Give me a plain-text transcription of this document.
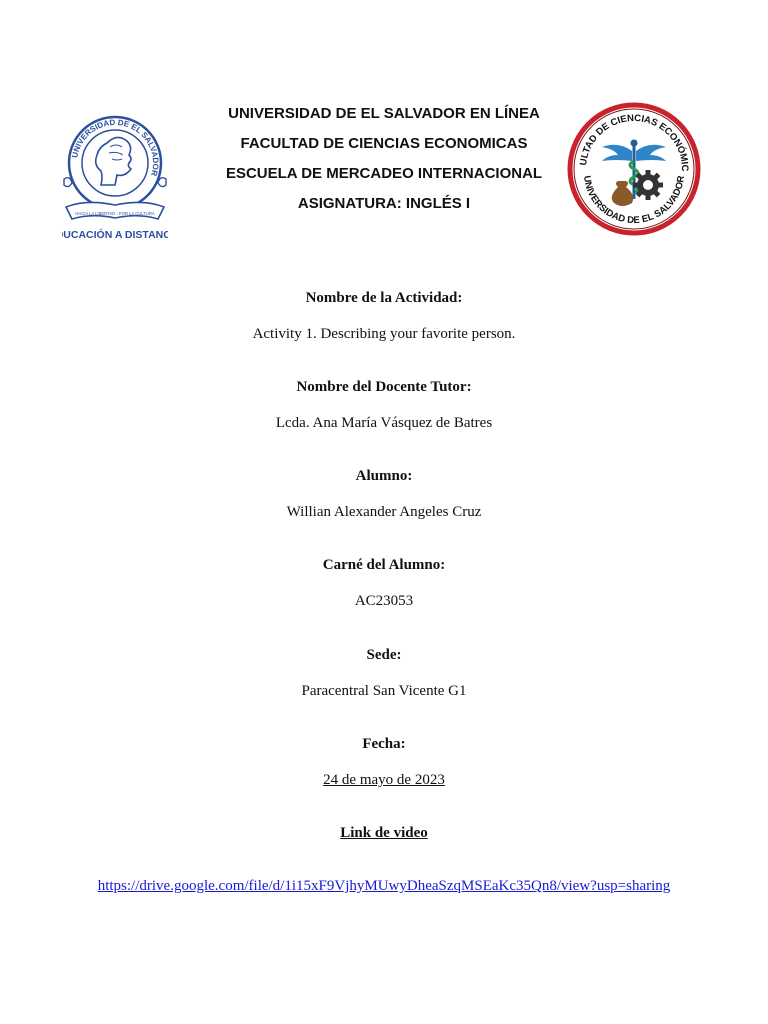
UNIVERSIDAD DE EL SALVADOR
HACIA LA LIBERTAD · POR LA CULTURA
UCACIÓN A DISTANC
UNIVERSIDAD DE EL SALVADOR EN LÍNEA
FACULTAD DE CIENCIAS ECONOMICAS
ESCUELA DE MERCADEO INTERNACIONAL
ASIGNATURA: INGLÉS I
ULTAD DE CIENCIAS ECONÓMIC
UNIVERSIDAD DE EL SALVADOR
Nombre de la Actividad:
Activity 1. Describing your favorite person.
Nombre del Docente Tutor:
Lcda. Ana María Vásquez de Batres
Alumno:
Willian Alexander Angeles Cruz
Carné del Alumno:
AC23053
Sede:
Paracentral San Vicente G1
Fecha:
24 de mayo de 2023
Link de video
https://drive.google.com/file/d/1i15xF9VjhyMUwyDheaSzqMSEaKc35Qn8/view?usp=sharing
